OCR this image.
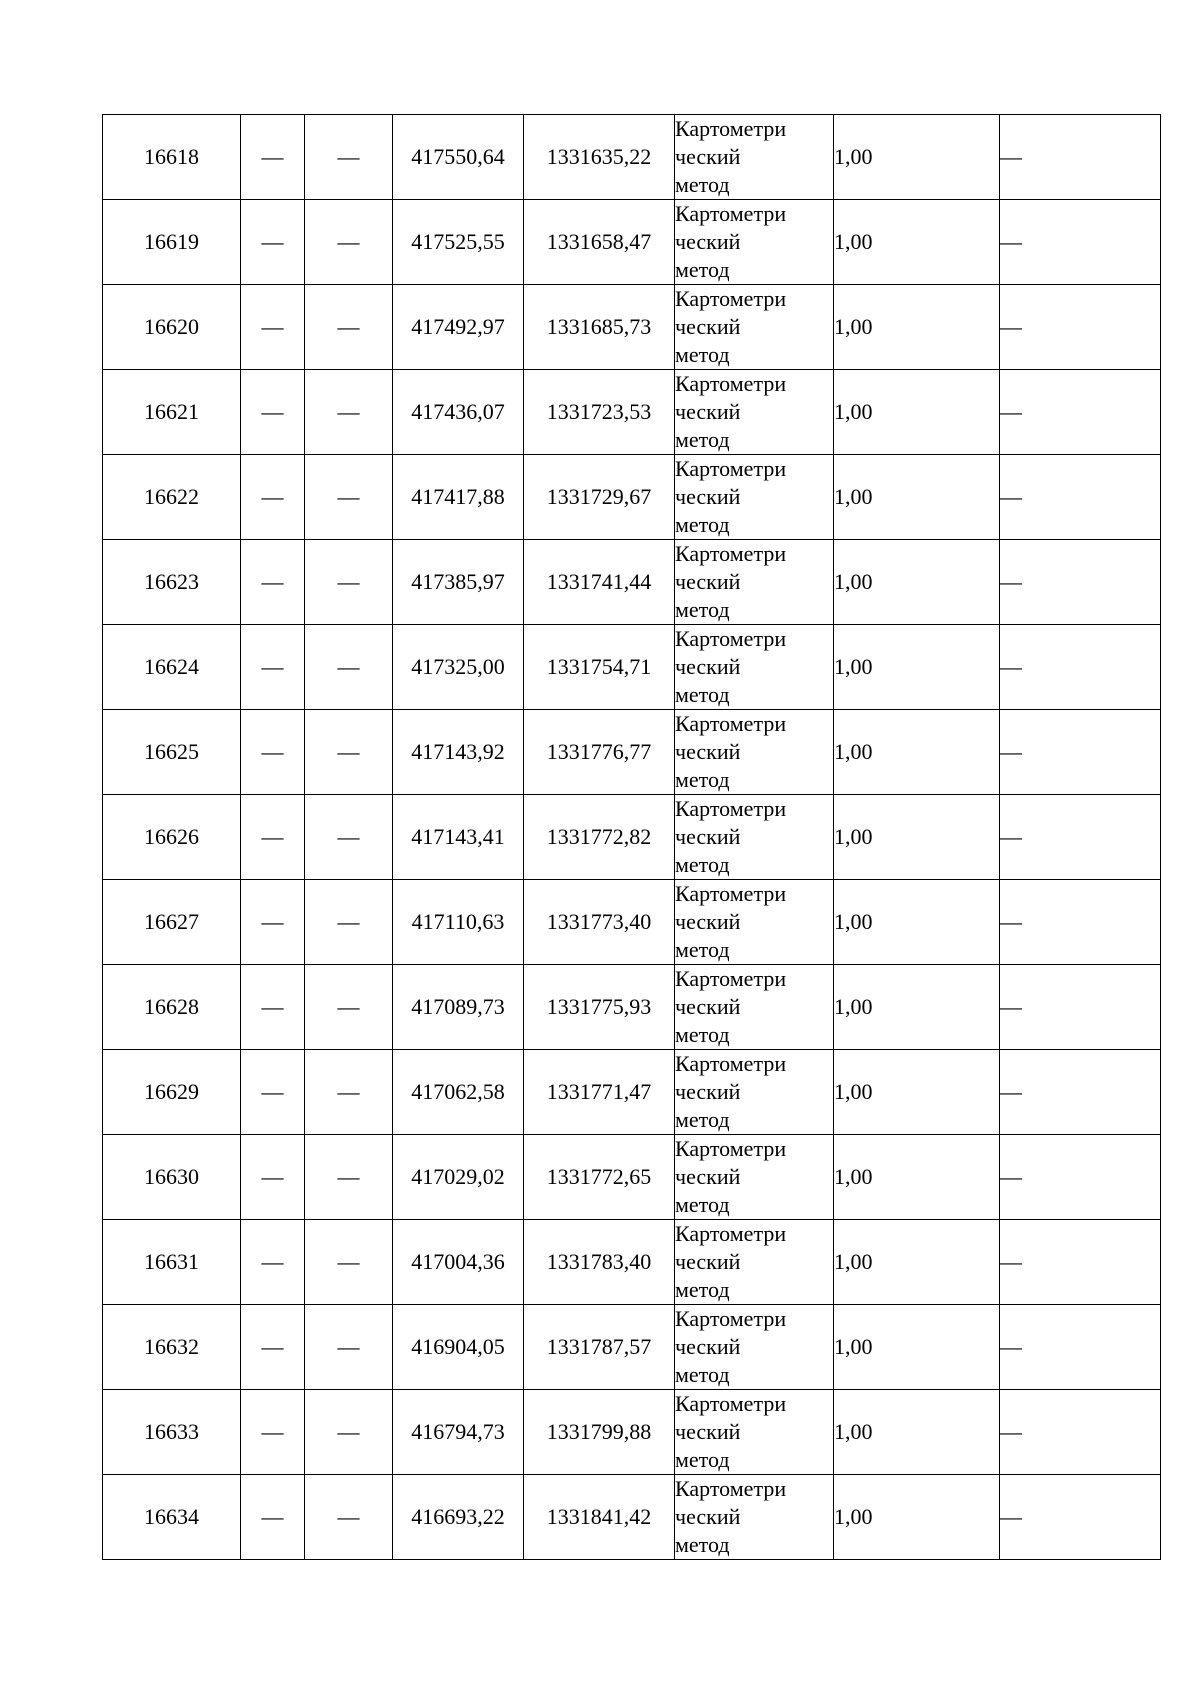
16618	—	—	417550,64	1331635,22	Картометри
ческий
метод	1,00	—
16619	—	—	417525,55	1331658,47	Картометри
ческий
метод	1,00	—
16620	—	—	417492,97	1331685,73	Картометри
ческий
метод	1,00	—
16621	—	—	417436,07	1331723,53	Картометри
ческий
метод	1,00	—
16622	—	—	417417,88	1331729,67	Картометри
ческий
метод	1,00	—
16623	—	—	417385,97	1331741,44	Картометри
ческий
метод	1,00	—
16624	—	—	417325,00	1331754,71	Картометри
ческий
метод	1,00	—
16625	—	—	417143,92	1331776,77	Картометри
ческий
метод	1,00	—
16626	—	—	417143,41	1331772,82	Картометри
ческий
метод	1,00	—
16627	—	—	417110,63	1331773,40	Картометри
ческий
метод	1,00	—
16628	—	—	417089,73	1331775,93	Картометри
ческий
метод	1,00	—
16629	—	—	417062,58	1331771,47	Картометри
ческий
метод	1,00	—
16630	—	—	417029,02	1331772,65	Картометри
ческий
метод	1,00	—
16631	—	—	417004,36	1331783,40	Картометри
ческий
метод	1,00	—
16632	—	—	416904,05	1331787,57	Картометри
ческий
метод	1,00	—
16633	—	—	416794,73	1331799,88	Картометри
ческий
метод	1,00	—
16634	—	—	416693,22	1331841,42	Картометри
ческий
метод	1,00	—
